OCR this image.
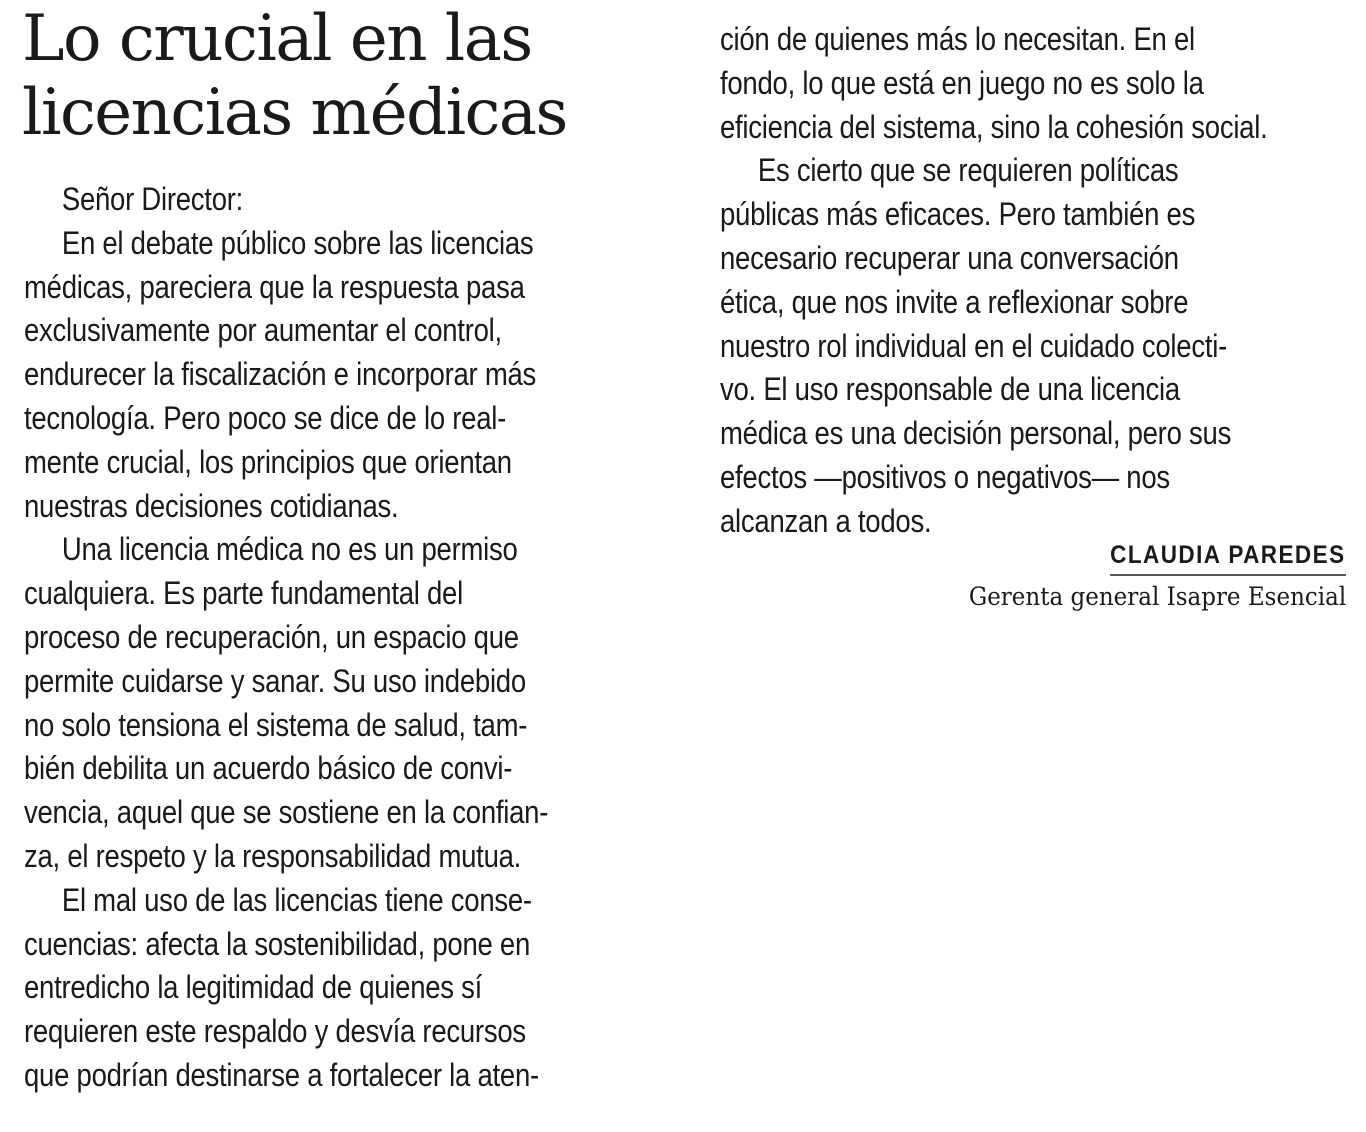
Lo crucial en las
licencias médicas
Señor Director:
En el debate público sobre las licencias
médicas, pareciera que la respuesta pasa
exclusivamente por aumentar el control,
endurecer la fiscalización e incorporar más
tecnología. Pero poco se dice de lo real-
mente crucial, los principios que orientan
nuestras decisiones cotidianas.
Una licencia médica no es un permiso
cualquiera. Es parte fundamental del
proceso de recuperación, un espacio que
permite cuidarse y sanar. Su uso indebido
no solo tensiona el sistema de salud, tam-
bién debilita un acuerdo básico de convi-
vencia, aquel que se sostiene en la confian-
za, el respeto y la responsabilidad mutua.
El mal uso de las licencias tiene conse-
cuencias: afecta la sostenibilidad, pone en
entredicho la legitimidad de quienes sí
requieren este respaldo y desvía recursos
que podrían destinarse a fortalecer la aten-
ción de quienes más lo necesitan. En el
fondo, lo que está en juego no es solo la
eficiencia del sistema, sino la cohesión social.
Es cierto que se requieren políticas
públicas más eficaces. Pero también es
necesario recuperar una conversación
ética, que nos invite a reflexionar sobre
nuestro rol individual en el cuidado colecti-
vo. El uso responsable de una licencia
médica es una decisión personal, pero sus
efectos —positivos o negativos— nos
alcanzan a todos.
CLAUDIA PAREDES
Gerenta general Isapre Esencial
